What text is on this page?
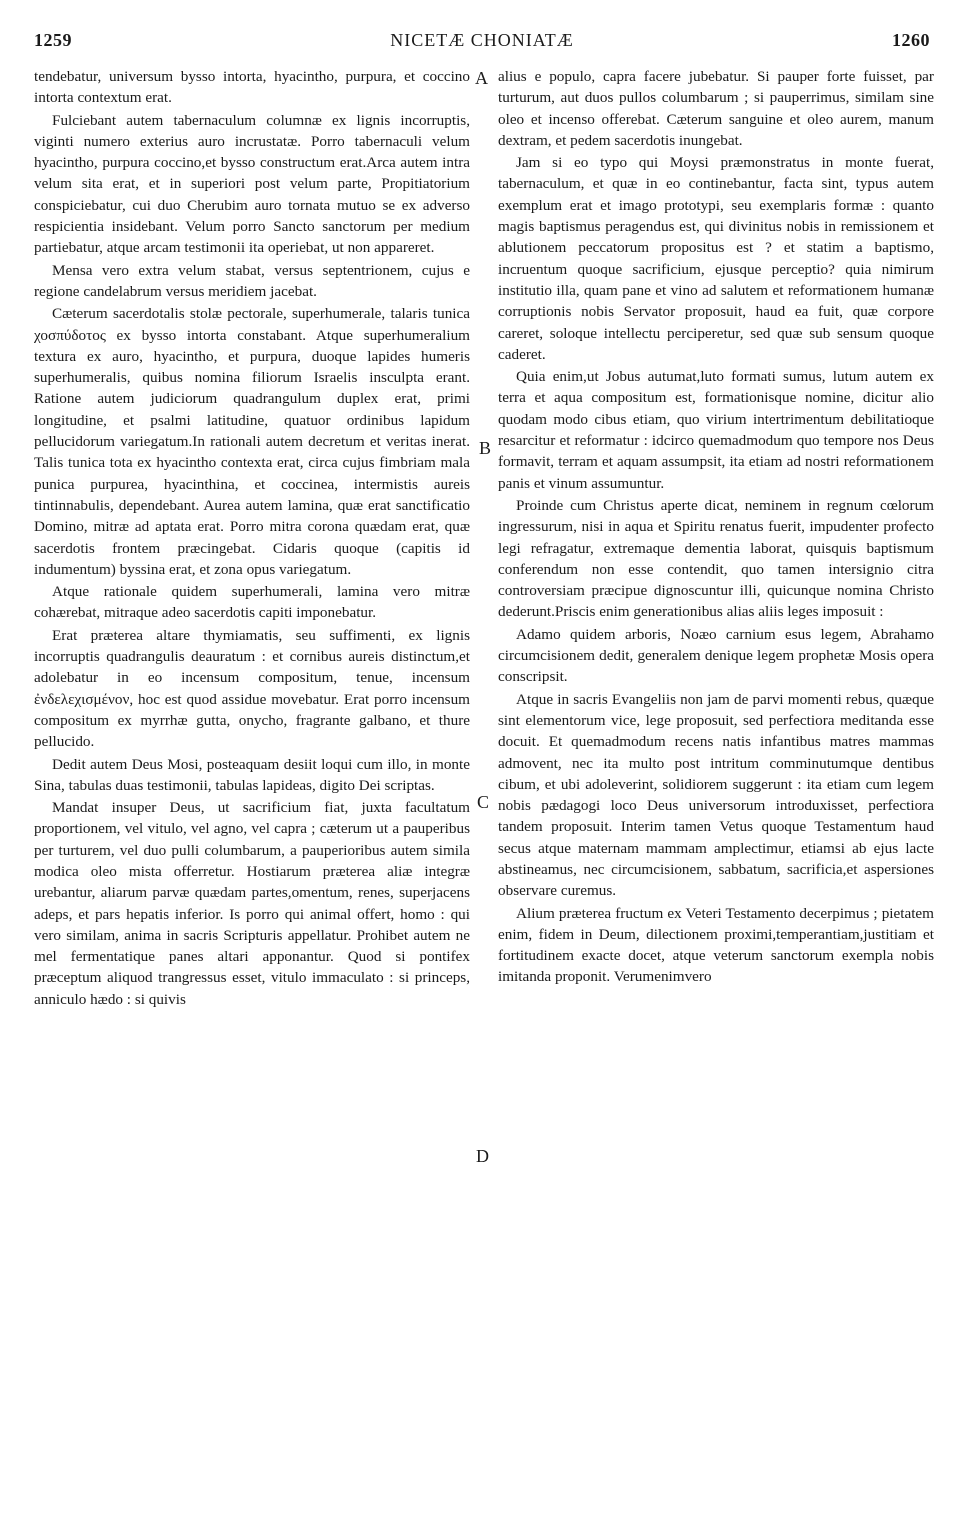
1259	NICETÆ CHONIATÆ	1260

tendebatur, universum bysso intorta, hyacintho, purpura, et coccino intorta contextum erat.

Fulciebant autem tabernaculum columnæ ex lignis incorruptis, viginti numero exterius auro incrustatæ. Porro tabernaculi velum hyacintho, purpura coccino,et bysso constructum erat.Arca autem intra velum sita erat, et in superiori post velum parte, Propitiatorium conspiciebatur, cui duo Cherubim auro tornata mutuo se ex adverso respicientia insidebant. Velum porro Sancto sanctorum per medium partiebatur, atque arcam testimonii ita operiebat, ut non appareret.

Mensa vero extra velum stabat, versus septentrionem, cujus e regione candelabrum versus meridiem jacebat.

Cæterum sacerdotalis stolæ pectorale, superhumerale, talaris tunica χοσπύδοτος ex bysso intorta constabant. Atque superhumeralium textura ex auro, hyacintho, et purpura, duoque lapides humeris superhumeralis, quibus nomina filiorum Israelis insculpta erant. Ratione autem judiciorum quadrangulum duplex erat, primi longitudine, et psalmi latitudine, quatuor ordinibus lapidum pellucidorum variegatum.In rationali autem decretum et veritas inerat. Talis tunica tota ex hyacintho contexta erat, circa cujus fimbriam mala punica purpurea, hyacinthina, et coccinea, intermistis aureis tintinnabulis, dependebant. Aurea autem lamina, quæ erat sanctificatio Domino, mitræ ad aptata erat. Porro mitra corona quædam erat, quæ sacerdotis frontem præcingebat. Cidaris quoque (capitis id indumentum) byssina erat, et zona opus variegatum.

Atque rationale quidem superhumerali, lamina vero mitræ cohærebat, mitraque adeo sacerdotis capiti imponebatur.

Erat præterea altare thymiamatis, seu suffimenti, ex lignis incorruptis quadrangulis deauratum : et cornibus aureis distinctum,et adolebatur in eo incensum compositum, tenue, incensum ἐνδελεχισμένον, hoc est quod assidue movebatur. Erat porro incensum compositum ex myrrhæ gutta, onycho, fragrante galbano, et thure pellucido.

Dedit autem Deus Mosi, posteaquam desiit loqui cum illo, in monte Sina, tabulas duas testimonii, tabulas lapideas, digito Dei scriptas.

Mandat insuper Deus, ut sacrificium fiat, juxta facultatum proportionem, vel vitulo, vel agno, vel capra ; cæterum ut a pauperibus per turturem, vel duo pulli columbarum, a pauperioribus autem simila modica oleo mista offerretur. Hostiarum præterea aliæ integræ urebantur, aliarum parvæ quædam partes,omentum, renes, superjacens adeps, et pars hepatis inferior. Is porro qui animal offert, homo : qui vero similam, anima in sacris Scripturis appellatur. Prohibet autem ne mel fermentatique panes altari apponantur. Quod si pontifex præceptum aliquod trangressus esset, vitulo immaculato : si princeps, anniculo hædo : si quivis

A
B
C
D

alius e populo, capra facere jubebatur. Si pauper forte fuisset, par turturum, aut duos pullos columbarum ; si pauperrimus, similam sine oleo et incenso offerebat. Cæterum sanguine et oleo aurem, manum dextram, et pedem sacerdotis inungebat.

Jam si eo typo qui Moysi præmonstratus in monte fuerat, tabernaculum, et quæ in eo continebantur, facta sint, typus autem exemplum erat et imago prototypi, seu exemplaris formæ : quanto magis baptismus peragendus est, qui divinitus nobis in remissionem et ablutionem peccatorum propositus est ? et statim a baptismo, incruentum quoque sacrificium, ejusque perceptio? quia nimirum institutio illa, quam pane et vino ad salutem et reformationem humanæ corruptionis nobis Servator proposuit, haud ea fuit, quæ corpore careret, soloque intellectu perciperetur, sed quæ sub sensum quoque caderet.

Quia enim,ut Jobus autumat,luto formati sumus, lutum autem ex terra et aqua compositum est, formationisque nomine, dicitur alio quodam modo cibus etiam, quo virium intertrimentum debilitatioque resarcitur et reformatur : idcirco quemadmodum quo tempore nos Deus formavit, terram et aquam assumpsit, ita etiam ad nostri reformationem panis et vinum assumuntur.

Proinde cum Christus aperte dicat, neminem in regnum cœlorum ingressurum, nisi in aqua et Spiritu renatus fuerit, impudenter profecto legi refragatur, extremaque dementia laborat, quisquis baptismum conferendum non esse contendit, quo tamen intersignio citra controversiam præcipue dignoscuntur illi, quicunque nomina Christo dederunt.Priscis enim generationibus alias aliis leges imposuit :

Adamo quidem arboris, Noæo carnium esus legem, Abrahamo circumcisionem dedit, generalem denique legem prophetæ Mosis opera conscripsit.

Atque in sacris Evangeliis non jam de parvi momenti rebus, quæque sint elementorum vice, lege proposuit, sed perfectiora meditanda esse docuit. Et quemadmodum recens natis infantibus matres mammas admovent, nec ita multo post intritum comminutumque dentibus cibum, et ubi adoleverint, solidiorem suggerunt : ita etiam cum legem nobis pædagogi loco Deus universorum introduxisset, perfectiora tandem proposuit. Interim tamen Vetus quoque Testamentum haud secus atque maternam mammam amplectimur, etiamsi ab ejus lacte abstineamus, nec circumcisionem, sabbatum, sacrificia,et aspersiones observare curemus.

Alium præterea fructum ex Veteri Testamento decerpimus ; pietatem enim, fidem in Deum, dilectionem proximi,temperantiam,justitiam et fortitudinem exacte docet, atque veterum sanctorum exempla nobis imitanda proponit. Verumenimvero
